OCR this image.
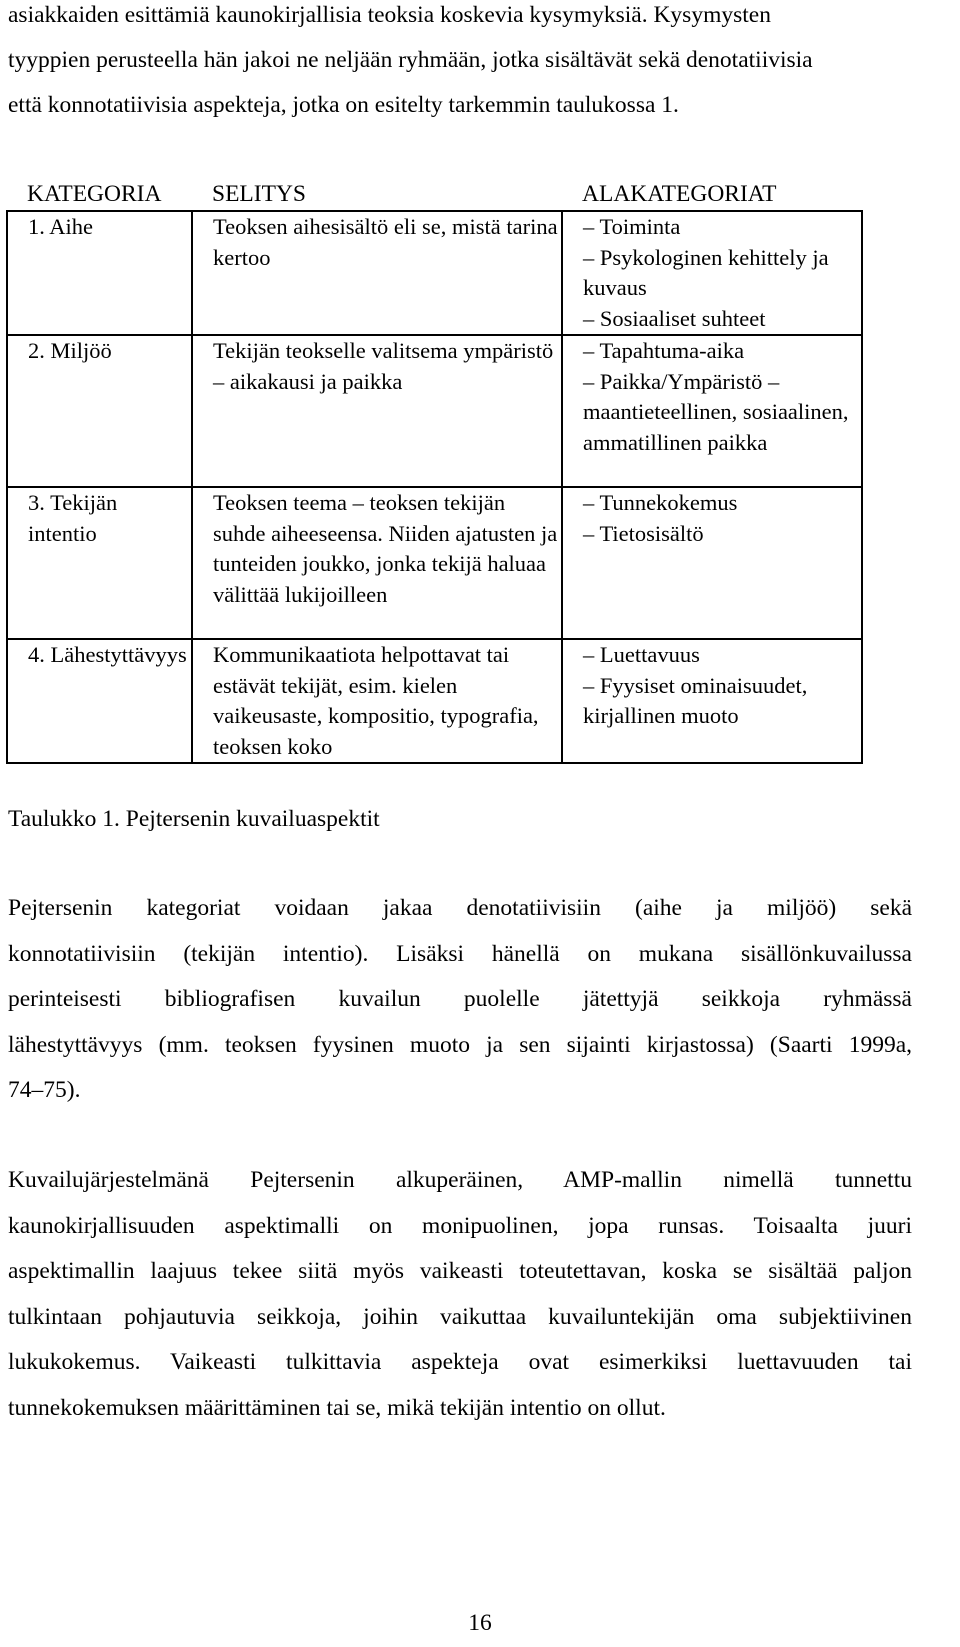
asiakkaiden esittämiä kaunokirjallisia teoksia koskevia kysymyksiä. Kysymysten
tyyppien perusteella hän jakoi ne neljään ryhmään, jotka sisältävät sekä denotatiivisia
että konnotatiivisia aspekteja, jotka on esitelty tarkemmin taulukossa 1.
KATEGORIA	SELITYS	ALAKATEGORIAT
1. Aihe	Teoksen aihesisältö eli se, mistä tarina kertoo	– Toiminta
– Psykologinen kehittely ja kuvaus
– Sosiaaliset suhteet

2. Miljöö	Tekijän teokselle valitsema ympäristö – aikakausi ja paikka	– Tapahtuma-aika
– Paikka/Ympäristö – maantieteellinen, sosiaalinen, ammatillinen paikka

3. Tekijän intentio	Teoksen teema – teoksen tekijän suhde aiheeseensa. Niiden ajatusten ja tunteiden joukko, jonka tekijä haluaa välittää lukijoilleen	– Tunnekokemus
– Tietosisältö

4. Lähestyttävyys	Kommunikaatiota helpottavat tai estävät tekijät, esim. kielen vaikeusaste, kompositio, typografia, teoksen koko	– Luettavuus
– Fyysiset ominaisuudet, kirjallinen muoto
Taulukko 1. Pejtersenin kuvailuaspektit
Pejtersenin kategoriat voidaan jakaa denotatiivisiin (aihe ja miljöö) sekä
konnotatiivisiin (tekijän intentio). Lisäksi hänellä on mukana sisällönkuvailussa
perinteisesti bibliografisen kuvailun puolelle jätettyjä seikkoja ryhmässä
lähestyttävyys (mm. teoksen fyysinen muoto ja sen sijainti kirjastossa) (Saarti 1999a,
74–75).
Kuvailujärjestelmänä Pejtersenin alkuperäinen, AMP-mallin nimellä tunnettu
kaunokirjallisuuden aspektimalli on monipuolinen, jopa runsas. Toisaalta juuri
aspektimallin laajuus tekee siitä myös vaikeasti toteutettavan, koska se sisältää paljon
tulkintaan pohjautuvia seikkoja, joihin vaikuttaa kuvailuntekijän oma subjektiivinen
lukukokemus. Vaikeasti tulkittavia aspekteja ovat esimerkiksi luettavuuden tai
tunnekokemuksen määrittäminen tai se, mikä tekijän intentio on ollut.
16
